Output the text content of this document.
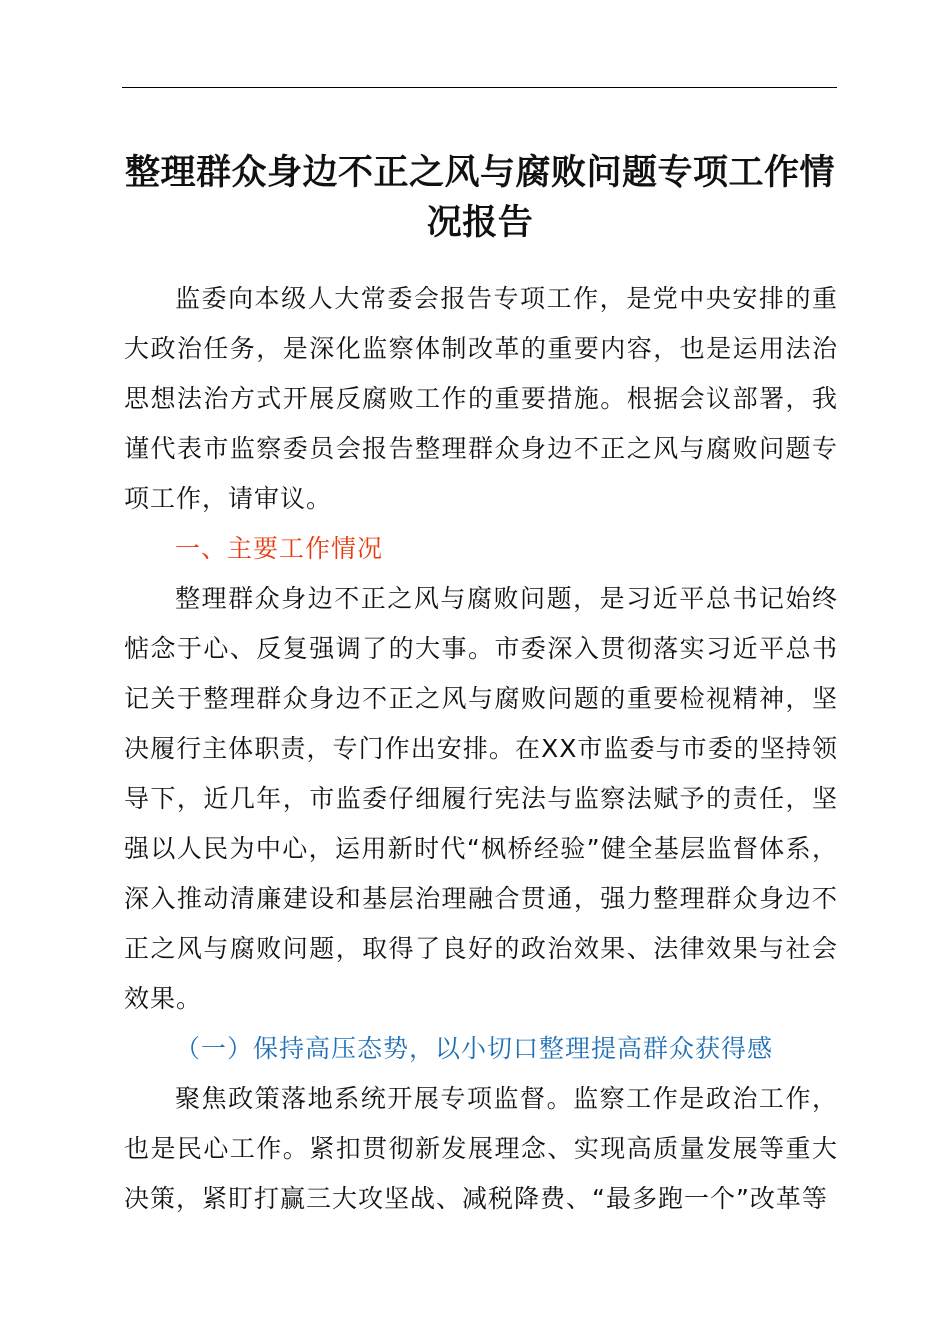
整理群众身边不正之风与腐败问题专项工作情况报告

监委向本级人大常委会报告专项工作，是党中央安排的重大政治任务，是深化监察体制改革的重要内容，也是运用法治思想法治方式开展反腐败工作的重要措施。根据会议部署，我谨代表市监察委员会报告整理群众身边不正之风与腐败问题专项工作，请审议。

一、主要工作情况

整理群众身边不正之风与腐败问题，是习近平总书记始终惦念于心、反复强调了的大事。市委深入贯彻落实习近平总书记关于整理群众身边不正之风与腐败问题的重要检视精神，坚决履行主体职责，专门作出安排。在XX市监委与市委的坚持领导下，近几年，市监委仔细履行宪法与监察法赋予的责任，坚强以人民为中心，运用新时代“枫桥经验”健全基层监督体系，深入推动清廉建设和基层治理融合贯通，强力整理群众身边不正之风与腐败问题，取得了良好的政治效果、法律效果与社会效果。

（一）保持高压态势，以小切口整理提高群众获得感

聚焦政策落地系统开展专项监督。监察工作是政治工作，也是民心工作。紧扣贯彻新发展理念、实现高质量发展等重大决策，紧盯打赢三大攻坚战、减税降费、“最多跑一个”改革等
